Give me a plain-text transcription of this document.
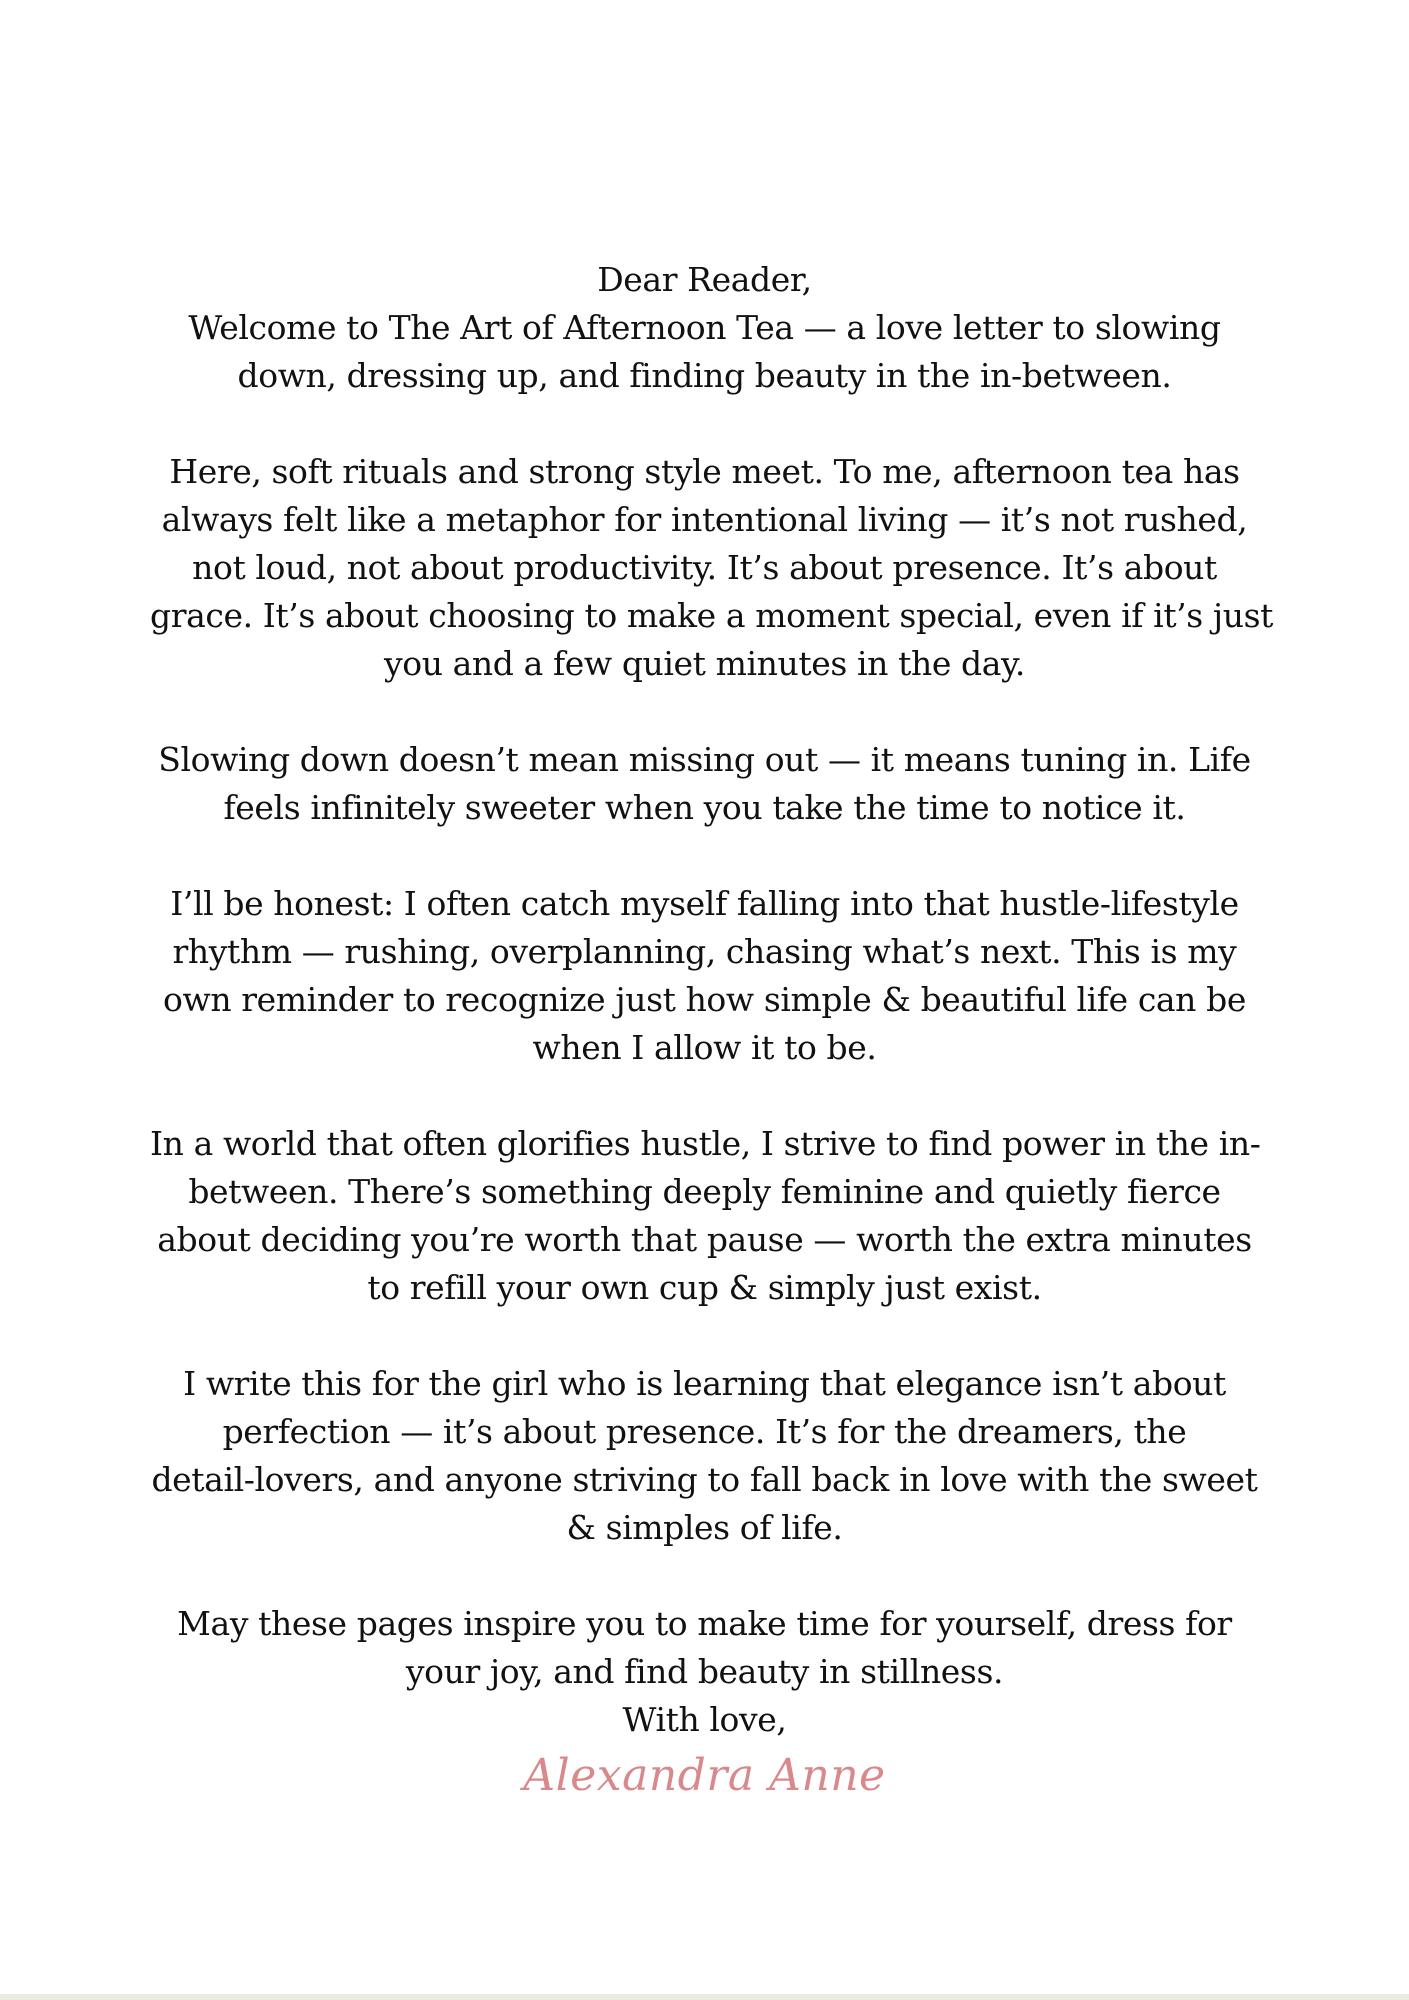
Dear Reader,
Welcome to The Art of Afternoon Tea — a love letter to slowing
down, dressing up, and finding beauty in the in-between.

Here, soft rituals and strong style meet. To me, afternoon tea has
always felt like a metaphor for intentional living — it’s not rushed,
not loud, not about productivity. It’s about presence. It’s about
grace. It’s about choosing to make a moment special, even if it’s just
you and a few quiet minutes in the day.

Slowing down doesn’t mean missing out — it means tuning in. Life
feels infinitely sweeter when you take the time to notice it.

I’ll be honest: I often catch myself falling into that hustle-lifestyle
rhythm — rushing, overplanning, chasing what’s next. This is my
own reminder to recognize just how simple & beautiful life can be
when I allow it to be.

In a world that often glorifies hustle, I strive to find power in the in-
between. There’s something deeply feminine and quietly fierce
about deciding you’re worth that pause — worth the extra minutes
to refill your own cup & simply just exist.

I write this for the girl who is learning that elegance isn’t about
perfection — it’s about presence. It’s for the dreamers, the
detail-lovers, and anyone striving to fall back in love with the sweet
& simples of life.

May these pages inspire you to make time for yourself, dress for
your joy, and find beauty in stillness.
With love,

Alexandra Anne
